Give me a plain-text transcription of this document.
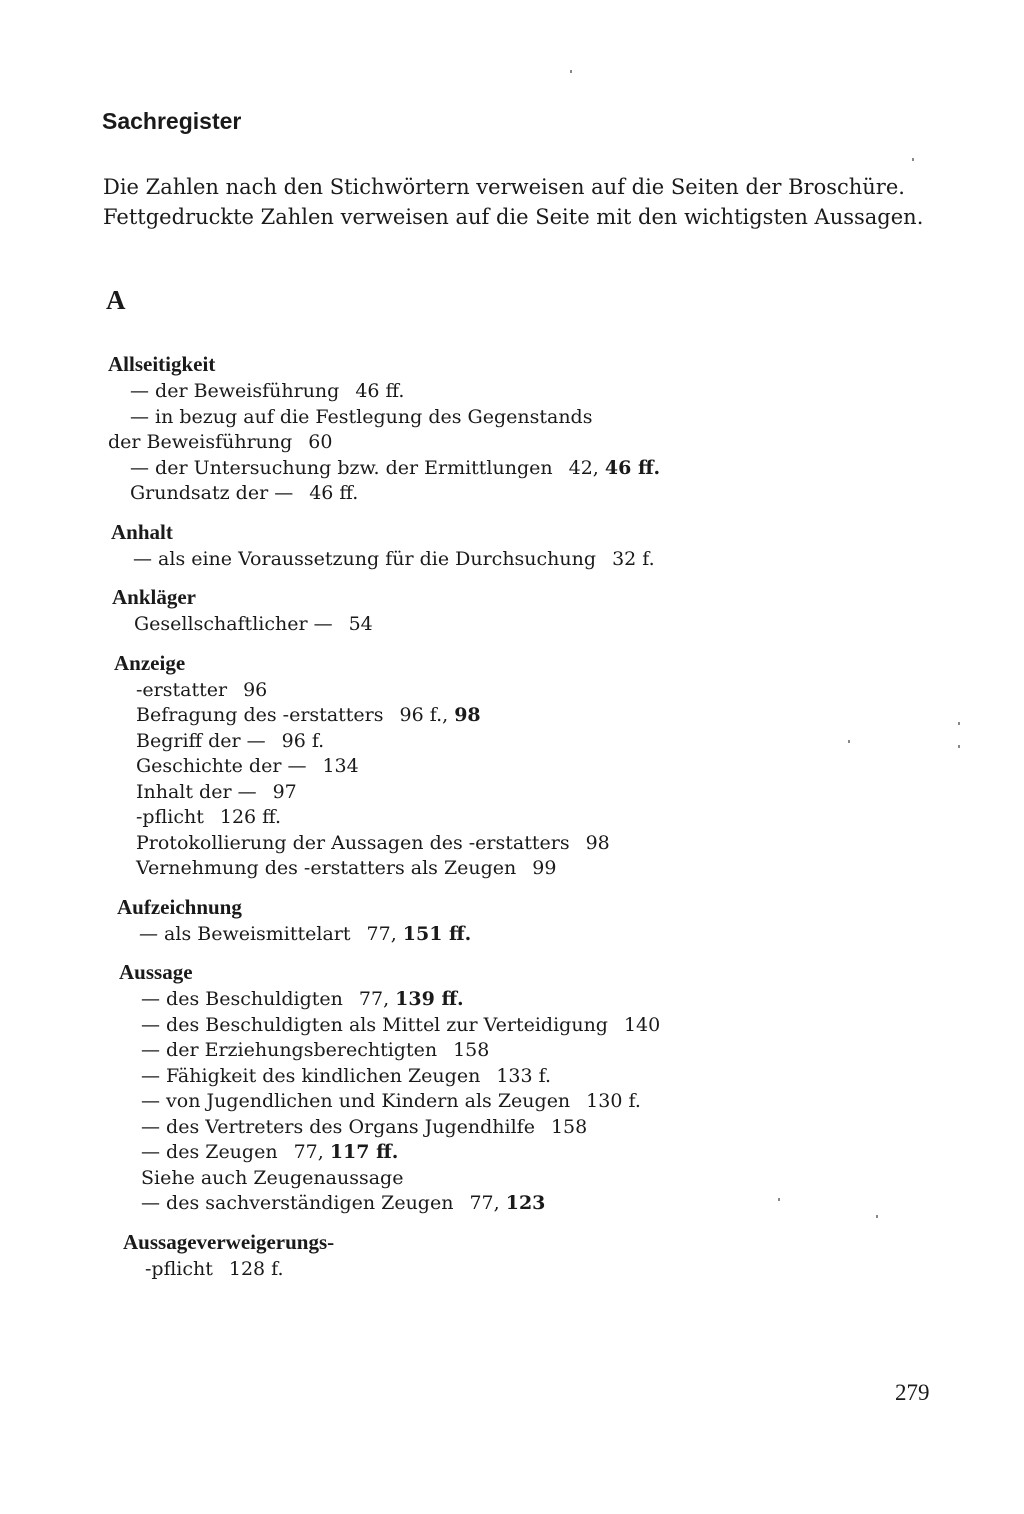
Sachregister
Die Zahlen nach den Stichwörtern verweisen auf die Seiten der Broschüre.
Fettgedruckte Zahlen verweisen auf die Seite mit den wichtigsten Aussagen.
A
Allseitigkeit
— der Beweisführung 46 ff.
— in bezug auf die Festlegung des Gegenstands
der Beweisführung 60
— der Untersuchung bzw. der Ermittlungen 42, 46 ff.
Grundsatz der — 46 ff.
Anhalt
— als eine Voraussetzung für die Durchsuchung 32 f.
Ankläger
Gesellschaftlicher — 54
Anzeige
-erstatter 96
Befragung des -erstatters 96 f., 98
Begriff der — 96 f.
Geschichte der — 134
Inhalt der — 97
-pflicht 126 ff.
Protokollierung der Aussagen des -erstatters 98
Vernehmung des -erstatters als Zeugen 99
Aufzeichnung
— als Beweismittelart 77, 151 ff.
Aussage
— des Beschuldigten 77, 139 ff.
— des Beschuldigten als Mittel zur Verteidigung 140
— der Erziehungsberechtigten 158
— Fähigkeit des kindlichen Zeugen 133 f.
— von Jugendlichen und Kindern als Zeugen 130 f.
— des Vertreters des Organs Jugendhilfe 158
— des Zeugen 77, 117 ff.
Siehe auch Zeugenaussage
— des sachverständigen Zeugen 77, 123
Aussageverweigerungs-
-pflicht 128 f.
279
